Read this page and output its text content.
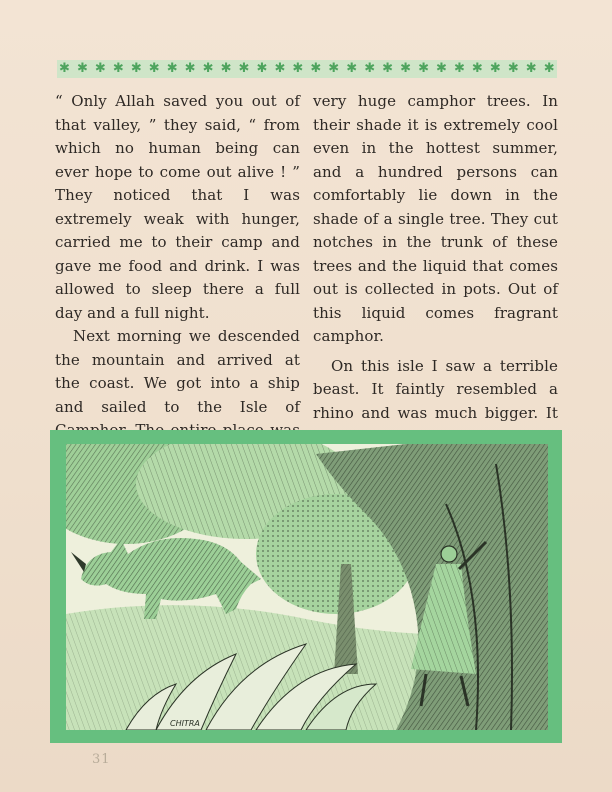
✱ ✱ ✱ ✱ ✱ ✱ ✱ ✱ ✱ ✱ ✱ ✱ ✱ ✱ ✱ ✱ ✱ ✱ ✱ ✱ ✱ ✱ ✱ ✱ ✱ ✱ ✱ ✱

“ Only Allah saved you out of that valley, ” they said, “ from which no human being can ever hope to come out alive ! ” They noticed that I was extremely weak with hunger, carried me to their camp and gave me food and drink. I was allowed to sleep there a full day and a full night.

Next morning we descended the mountain and arrived at the coast. We got into a ship and sailed to the Isle of

very huge camphor trees. In their shade it is extremely cool even in the hottest summer, and a hundred persons can comfortably lie down in the shade of a single tree. They cut notches in the trunk of these trees and the liquid that comes out is collected in pots. Out of this liquid comes fragrant camphor.

On this isle I saw a terrible beast. It faintly resembled a rhino and was much bigger. It

CHITRA
31
